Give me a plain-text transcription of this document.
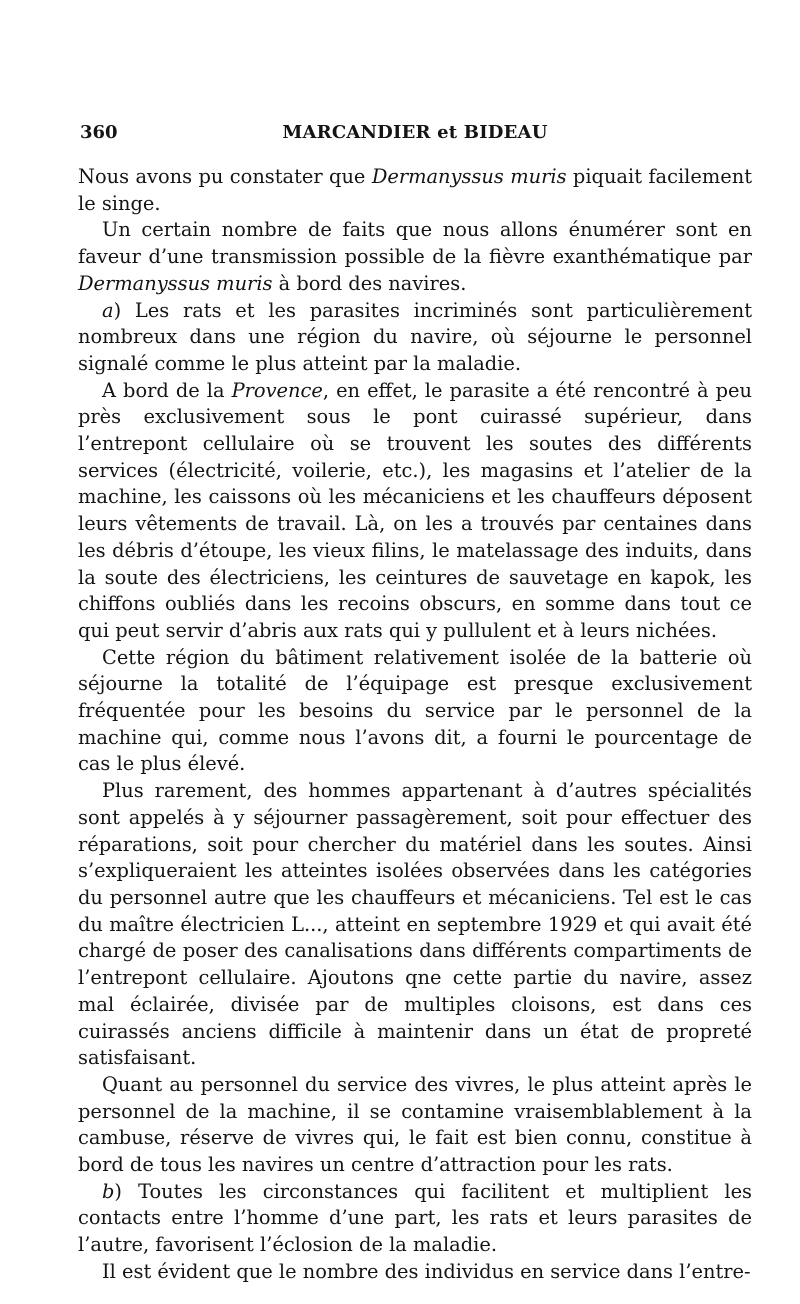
360	MARCANDIER et BIDEAU

Nous avons pu constater que Dermanyssus muris piquait facilement le singe.

Un certain nombre de faits que nous allons énumérer sont en faveur d’une transmission possible de la fièvre exanthématique par Dermanyssus muris à bord des navires.

a) Les rats et les parasites incriminés sont particulièrement nombreux dans une région du navire, où séjourne le personnel signalé comme le plus atteint par la maladie.

A bord de la Provence, en effet, le parasite a été rencontré à peu près exclusivement sous le pont cuirassé supérieur, dans l’entrepont cellulaire où se trouvent les soutes des différents services (électricité, voilerie, etc.), les magasins et l’atelier de la machine, les caissons où les mécaniciens et les chauffeurs déposent leurs vêtements de travail. Là, on les a trouvés par centaines dans les débris d’étoupe, les vieux filins, le matelassage des induits, dans la soute des électriciens, les ceintures de sauvetage en kapok, les chiffons oubliés dans les recoins obscurs, en somme dans tout ce qui peut servir d’abris aux rats qui y pullulent et à leurs nichées.

Cette région du bâtiment relativement isolée de la batterie où séjourne la totalité de l’équipage est presque exclusivement fréquentée pour les besoins du service par le personnel de la machine qui, comme nous l’avons dit, a fourni le pourcentage de cas le plus élevé.

Plus rarement, des hommes appartenant à d’autres spécialités sont appelés à y séjourner passagèrement, soit pour effectuer des réparations, soit pour chercher du matériel dans les soutes. Ainsi s’expliqueraient les atteintes isolées observées dans les catégories du personnel autre que les chauffeurs et mécaniciens. Tel est le cas du maître électricien L..., atteint en septembre 1929 et qui avait été chargé de poser des canalisations dans différents compartiments de l’entrepont cellulaire. Ajoutons qne cette partie du navire, assez mal éclairée, divisée par de multiples cloisons, est dans ces cuirassés anciens difficile à maintenir dans un état de propreté satisfaisant.

Quant au personnel du service des vivres, le plus atteint après le personnel de la machine, il se contamine vraisemblablement à la cambuse, réserve de vivres qui, le fait est bien connu, constitue à bord de tous les navires un centre d’attraction pour les rats.

b) Toutes les circonstances qui facilitent et multiplient les contacts entre l’homme d’une part, les rats et leurs parasites de l’autre, favorisent l’éclosion de la maladie.

Il est évident que le nombre des individus en service dans l’entre-
